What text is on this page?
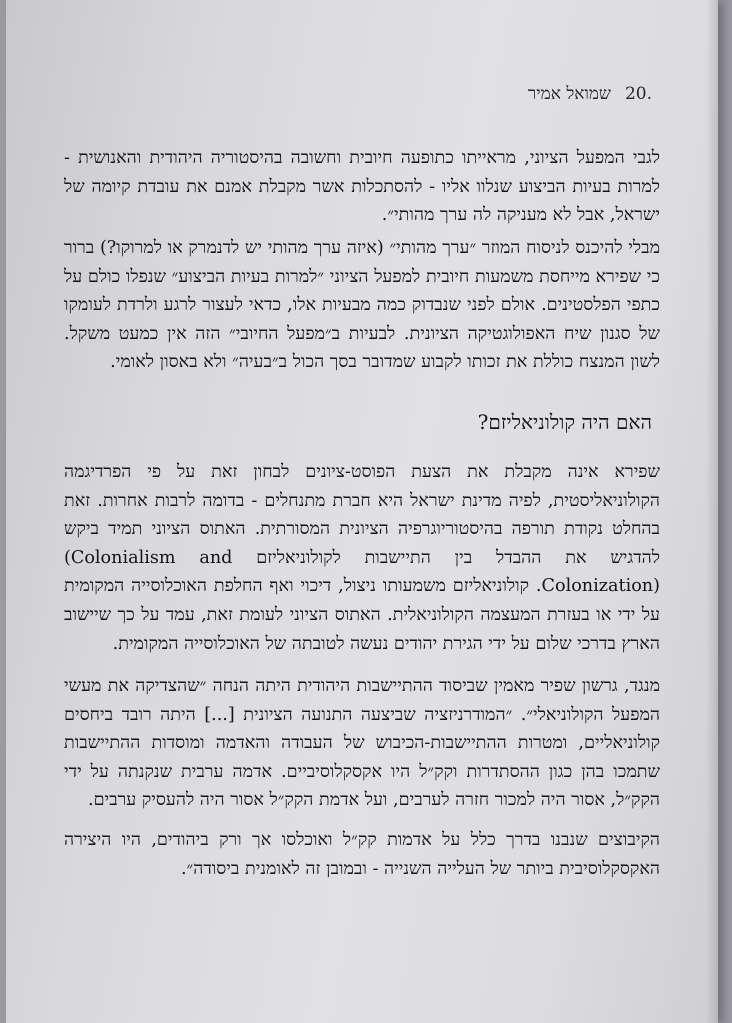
20.שמואל אמיר

לגבי המפעל הציוני, מראייתו כתופעה חיובית וחשובה בהיסטוריה היהודית והאנושית - למרות בעיות הביצוע שנלוו אליו - להסתכלות אשר מקבלת אמנם את עובדת קיומה של ישראל, אבל לא מעניקה לה ערך מהותי״.

מבלי להיכנס לניסוח המוזר ״ערך מהותי״ (איזה ערך מהותי יש לדנמרק או למרוקו?) ברור כי שפירא מייחסת משמעות חיובית למפעל הציוני ״למרות בעיות הביצוע״ שנפלו כולם על כתפי הפלסטינים. אולם לפני שנבדוק כמה מבעיות אלו, כדאי לעצור לרגע ולרדת לעומקו של סגנון שיח האפולוגטיקה הציונית. לבעיות ב״מפעל החיובי״ הזה אין כמעט משקל. לשון המנצח כוללת את זכותו לקבוע שמדובר בסך הכול ב״בעיה״ ולא באסון לאומי.

האם היה קולוניאליזם?

שפירא אינה מקבלת את הצעת הפוסט-ציונים לבחון זאת על פי הפרדיגמה הקולוניאליסטית, לפיה מדינת ישראל היא חברת מתנחלים - בדומה לרבות אחרות. זאת בהחלט נקודת תורפה בהיסטוריוגרפיה הציונית המסורתית. האתוס הציוני תמיד ביקש להדגיש את ההבדל בין התיישבות לקולוניאליזם (Colonialism and Colonization). קולוניאליזם משמעותו ניצול, דיכוי ואף החלפת האוכלוסייה המקומית על ידי או בעזרת המעצמה הקולוניאלית. האתוס הציוני לעומת זאת, עמד על כך שיישוב הארץ בדרכי שלום על ידי הגירת יהודים נעשה לטובתה של האוכלוסייה המקומית.

מנגד, גרשון שפיר מאמין שביסוד ההתיישבות היהודית היתה הנחה ״שהצדיקה את מעשי המפעל הקולוניאלי״. ״המודרניזציה שביצעה התנועה הציונית [...] היתה רובד ביחסים קולוניאליים, ומטרות ההתיישבות-הכיבוש של העבודה והאדמה ומוסדות ההתיישבות שתמכו בהן כגון ההסתדרות וקק״ל היו אקסקלוסיביים. אדמה ערבית שנקנתה על ידי הקק״ל, אסור היה למכור חזרה לערבים, ועל אדמת הקק״ל אסור היה להעסיק ערבים.

הקיבוצים שנבנו בדרך כלל על אדמות קק״ל ואוכלסו אך ורק ביהודים, היו היצירה האקסקלוסיבית ביותר של העלייה השנייה - ובמובן זה לאומנית ביסודה״.
